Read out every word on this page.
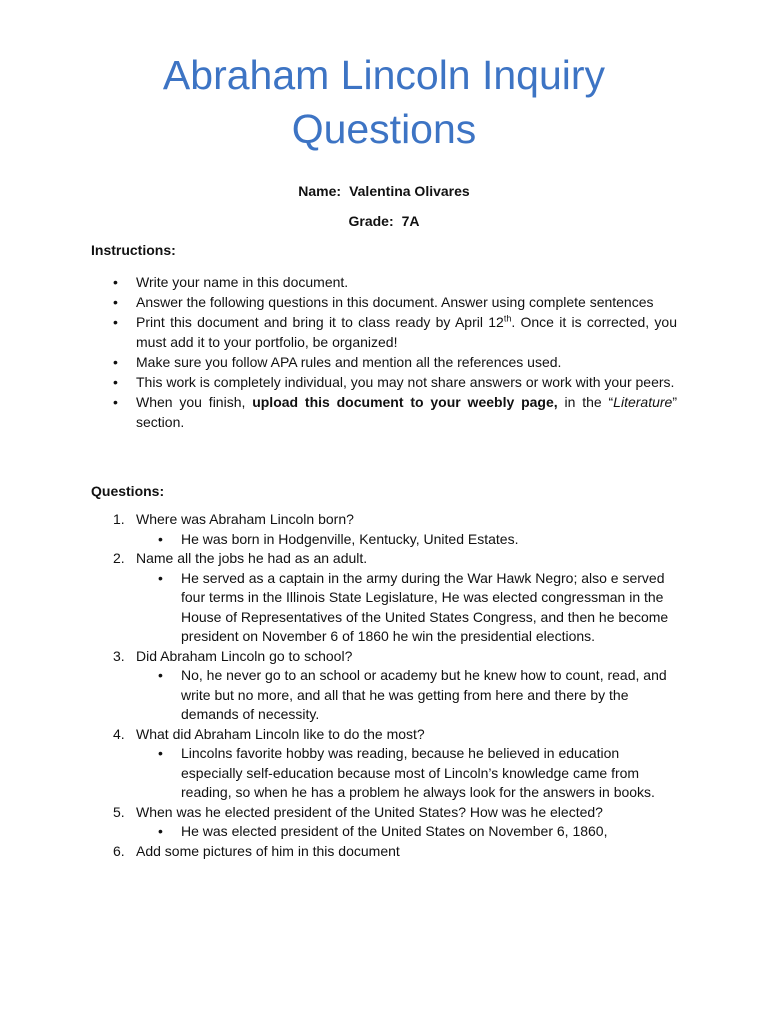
Abraham Lincoln Inquiry
Questions
Name: Valentina Olivares
Grade: 7A
Instructions:
• Write your name in this document.
• Answer the following questions in this document. Answer using complete sentences
• Print this document and bring it to class ready by April 12th. Once it is corrected, you must add it to your portfolio, be organized!
• Make sure you follow APA rules and mention all the references used.
• This work is completely individual, you may not share answers or work with your peers.
• When you finish, upload this document to your weebly page, in the “Literature” section.
Questions:
1. Where was Abraham Lincoln born?
• He was born in Hodgenville, Kentucky, United Estates.
2. Name all the jobs he had as an adult.
• He served as a captain in the army during the War Hawk Negro; also e served four terms in the Illinois State Legislature, He was elected congressman in the House of Representatives of the United States Congress, and then he become president on November 6 of 1860 he win the presidential elections.
3. Did Abraham Lincoln go to school?
• No, he never go to an school or academy but he knew how to count, read, and write but no more, and all that he was getting from here and there by the demands of necessity.
4. What did Abraham Lincoln like to do the most?
• Lincolns favorite hobby was reading, because he believed in education especially self-education because most of Lincoln’s knowledge came from reading, so when he has a problem he always look for the answers in books.
5. When was he elected president of the United States? How was he elected?
• He was elected president of the United States on November 6, 1860,
6. Add some pictures of him in this document
